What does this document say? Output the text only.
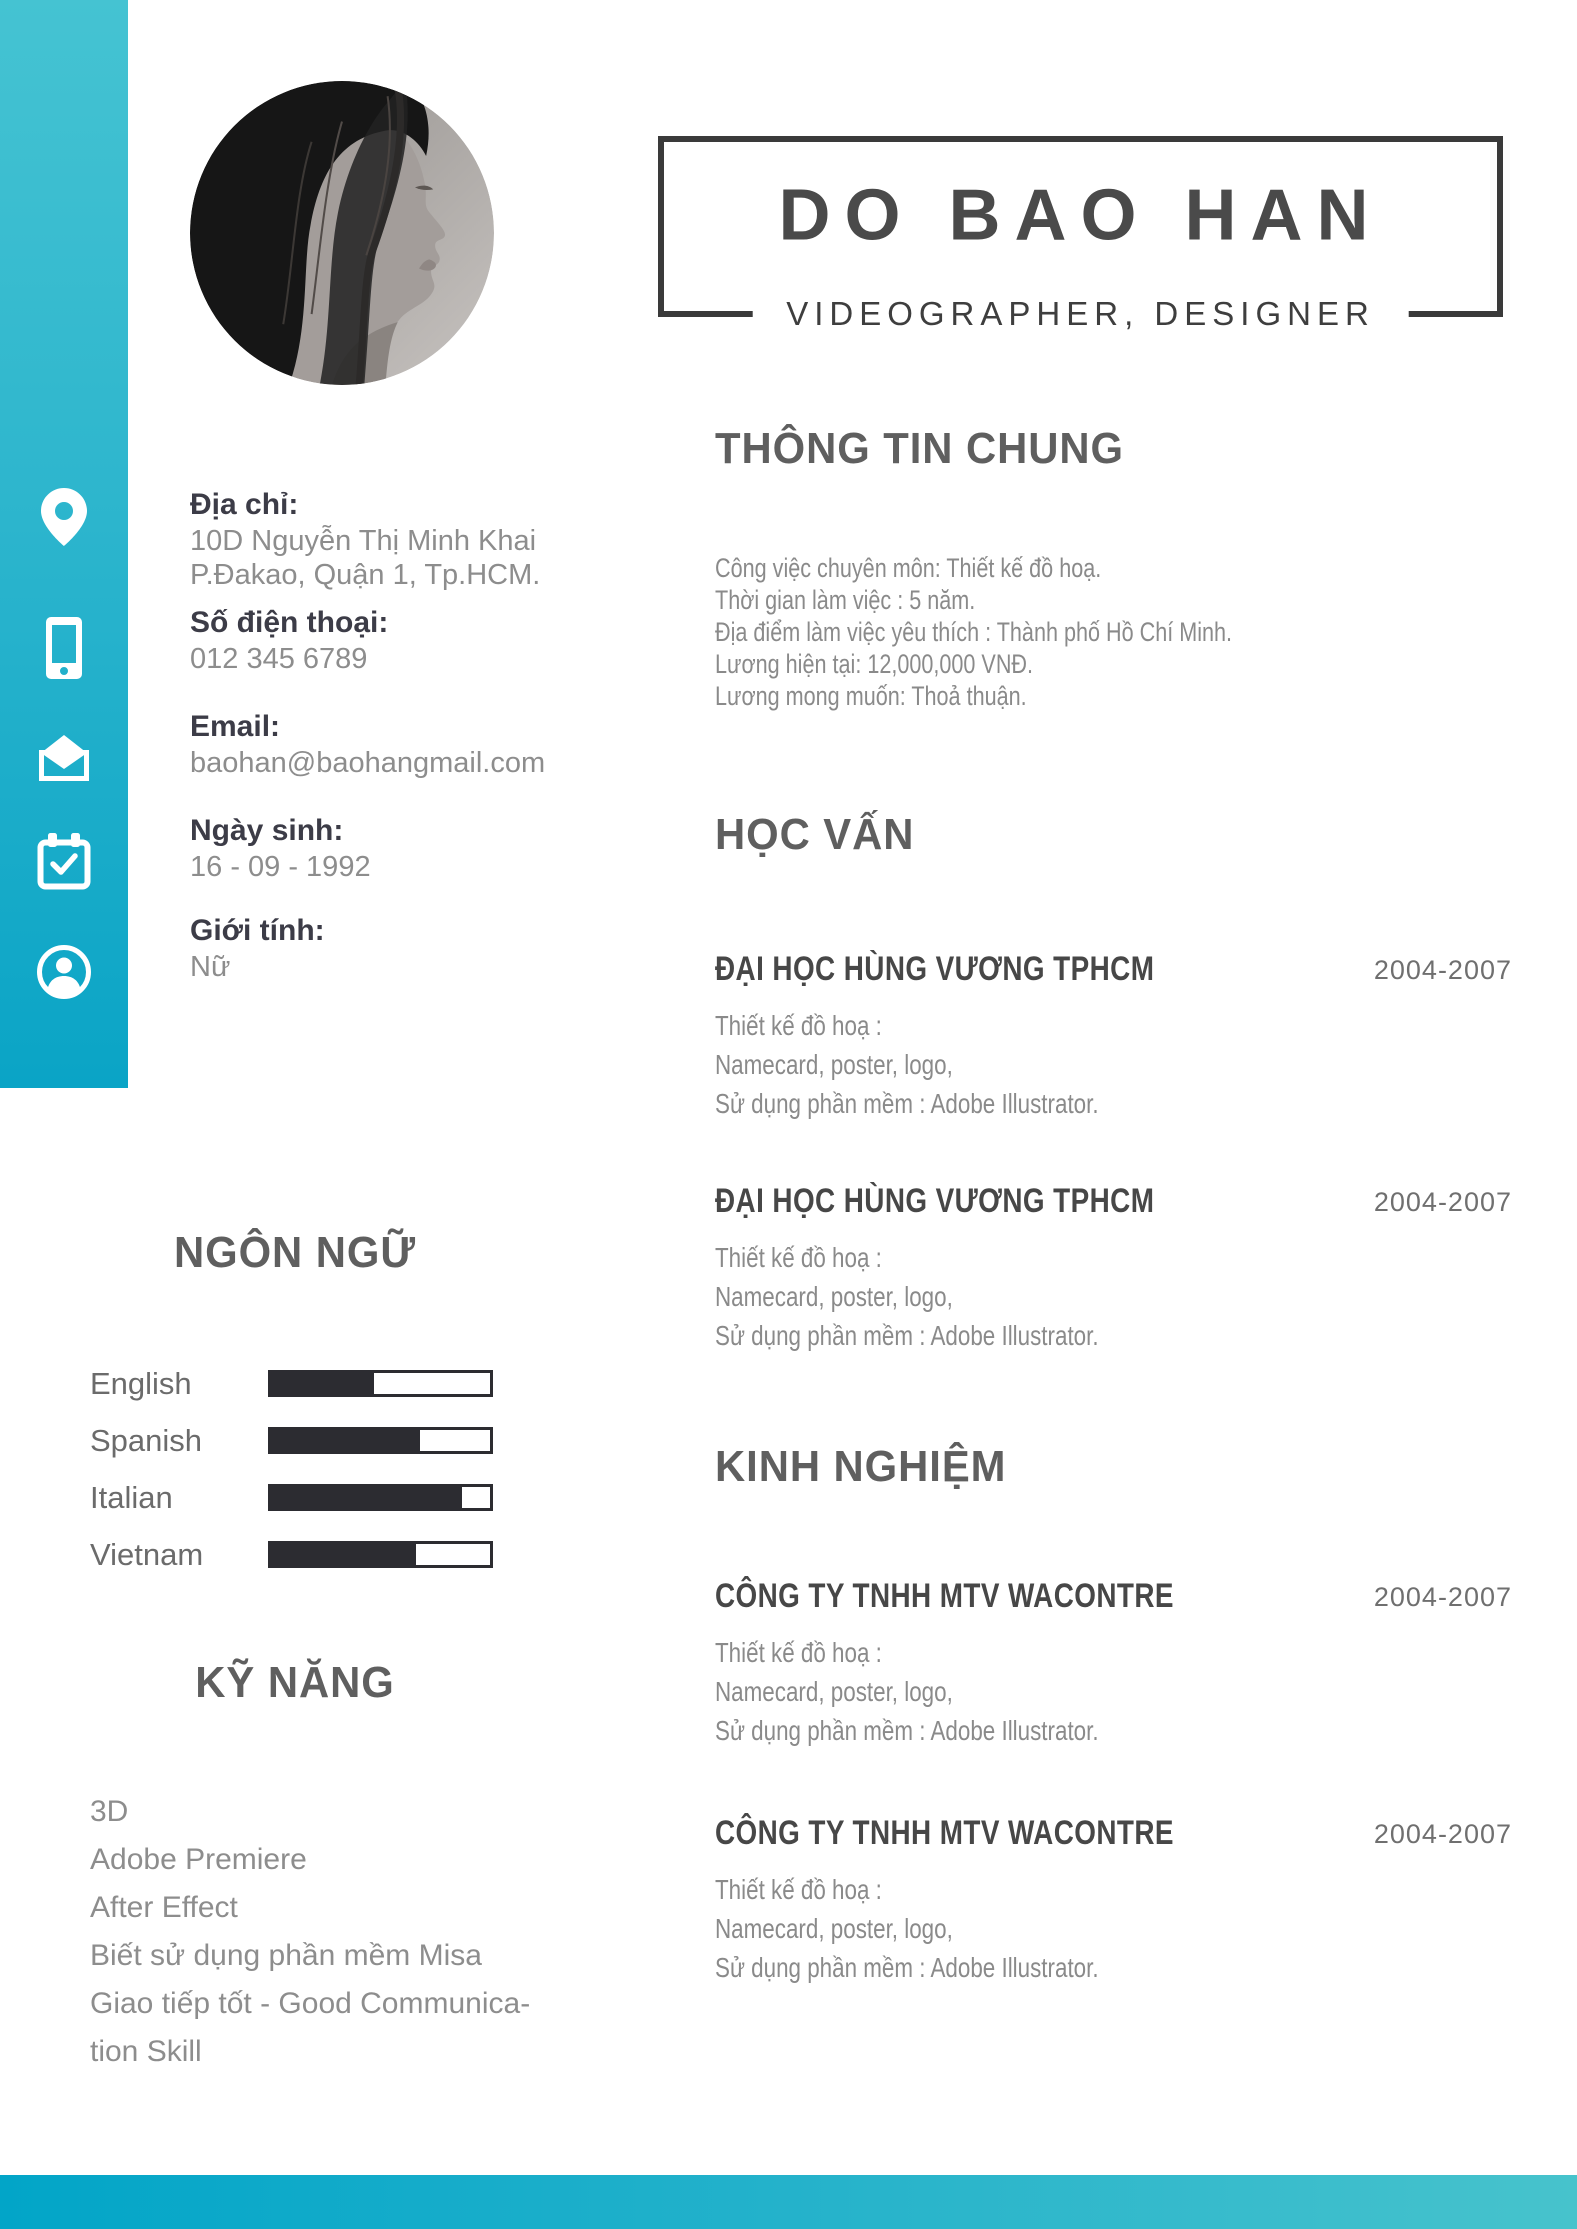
DO BAO HAN
VIDEOGRAPHER, DESIGNER
Địa chỉ:
10D Nguyễn Thị Minh Khai
P.Đakao, Quận 1, Tp.HCM.
Số điện thoại:
012 345 6789
Email:
baohan@baohangmail.com
Ngày sinh:
16 - 09 - 1992
Giới tính:
Nữ
THÔNG TIN CHUNG
Công việc chuyên môn: Thiết kế đồ hoạ.
Thời gian làm việc : 5 năm.
Địa điểm làm việc yêu thích : Thành phố Hồ Chí Minh.
Lương hiện tại: 12,000,000 VNĐ.
Lương mong muốn: Thoả thuận.
HỌC VẤN
ĐẠI HỌC HÙNG VƯƠNG TPHCM	2004-2007
Thiết kế đồ hoạ :
Namecard, poster, logo,
Sử dụng phần mềm : Adobe Illustrator.
ĐẠI HỌC HÙNG VƯƠNG TPHCM	2004-2007
Thiết kế đồ hoạ :
Namecard, poster, logo,
Sử dụng phần mềm : Adobe Illustrator.
KINH NGHIỆM
CÔNG TY TNHH MTV WACONTRE	2004-2007
Thiết kế đồ hoạ :
Namecard, poster, logo,
Sử dụng phần mềm : Adobe Illustrator.
CÔNG TY TNHH MTV WACONTRE	2004-2007
Thiết kế đồ hoạ :
Namecard, poster, logo,
Sử dụng phần mềm : Adobe Illustrator.
NGÔN NGỮ
English
Spanish
Italian
Vietnam
KỸ NĂNG
3D
Adobe Premiere
After Effect
Biết sử dụng phần mềm Misa
Giao tiếp tốt - Good Communica-
tion Skill
